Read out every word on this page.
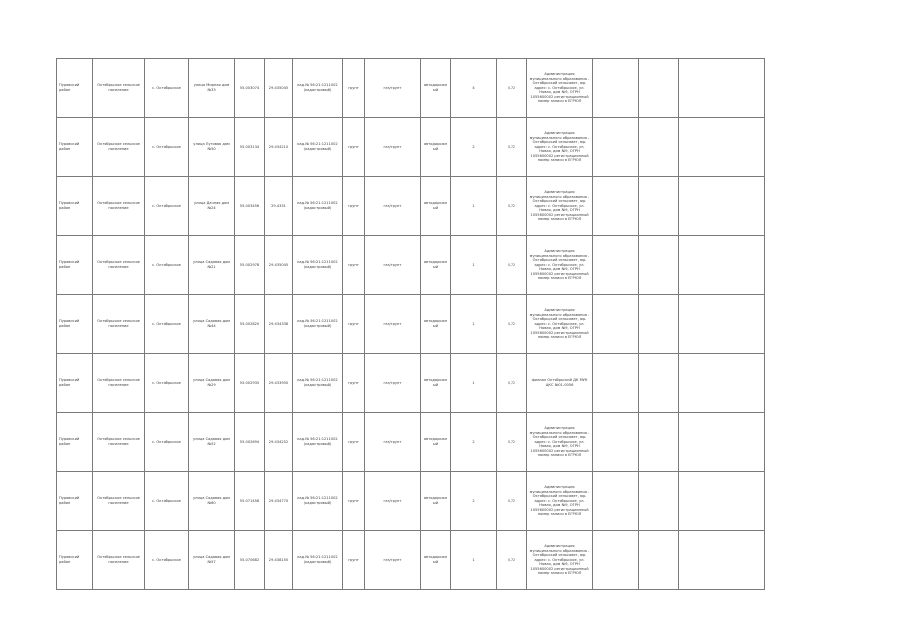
Пуровский район	Октябрьское сельское поселение	с. Октябрьское	улица Мирная дом №33	55.003074	29.435045	кад.№ 56:21:1211002 (кадастровый)	грунт	газ/грунт	автодорожный	4	0,72	Администрация муниципального образования - Октябрьский сельсовет, юр. адрес: с. Октябрьское, ул. Новая, дом №9, ОГРН 1055600002 регистрационный номер записи в ЕГРЮЛ			
Пуровский район	Октябрьское сельское поселение	с. Октябрьское	улица Луговая дом №50	55.003134	29.434210	кад.№ 56:21:1211002 (кадастровый)	грунт	газ/грунт	автодорожный	2	0,72	Администрация муниципального образования - Октябрьский сельсовет, юр. адрес: с. Октябрьское, ул. Новая, дом №9, ОГРН 1055600002 регистрационный номер записи в ЕГРЮЛ			
Пуровский район	Октябрьское сельское поселение	с. Октябрьское	улица Дачная дом №24	55.003456	29.4331	кад.№ 56:21:1211002 (кадастровый)	грунт	газ/грунт	автодорожный	1	0,72	Администрация муниципального образования - Октябрьский сельсовет, юр. адрес: с. Октябрьское, ул. Новая, дом №9, ОГРН 1055600002 регистрационный номер записи в ЕГРЮЛ			
Пуровский район	Октябрьское сельское поселение	с. Октябрьское	улица Садовая дом №21	55.002978	29.435045	кад.№ 56:21:1211002 (кадастровый)	грунт	газ/грунт	автодорожный	1	0,72	Администрация муниципального образования - Октябрьский сельсовет, юр. адрес: с. Октябрьское, ул. Новая, дом №9, ОГРН 1055600002 регистрационный номер записи в ЕГРЮЛ			
Пуровский район	Октябрьское сельское поселение	с. Октябрьское	улица Садовая дом №44	55.002820	29.434338	кад.№ 56:21:1211002 (кадастровый)	грунт	газ/грунт	автодорожный	1	0,72	Администрация муниципального образования - Октябрьский сельсовет, юр. адрес: с. Октябрьское, ул. Новая, дом №9, ОГРН 1055600002 регистрационный номер записи в ЕГРЮЛ			
Пуровский район	Октябрьское сельское поселение	с. Октябрьское	улица Садовая дом №29	55.002935	29.433950	кад.№ 56:21:1211002 (кадастровый)	грунт	газ/грунт	автодорожный	1	0,72	филиал Октябрьский ДК МУК ЦКС №01-0056			
Пуровский район	Октябрьское сельское поселение	с. Октябрьское	улица Садовая дом №52	55.002694	29.434252	кад.№ 56:21:1211002 (кадастровый)	грунт	газ/грунт	автодорожный	2	0,72	Администрация муниципального образования - Октябрьский сельсовет, юр. адрес: с. Октябрьское, ул. Новая, дом №9, ОГРН 1055600002 регистрационный номер записи в ЕГРЮЛ			
Пуровский район	Октябрьское сельское поселение	с. Октябрьское	улица Садовая дом №60	55.071458	29.434770	кад.№ 56:21:1211002 (кадастровый)	грунт	газ/грунт	автодорожный	2	0,72	Администрация муниципального образования - Октябрьский сельсовет, юр. адрес: с. Октябрьское, ул. Новая, дом №9, ОГРН 1055600002 регистрационный номер записи в ЕГРЮЛ			
Пуровский район	Октябрьское сельское поселение	с. Октябрьское	улица Садовая дом №57	55.070682	29.438150	кад.№ 56:21:1211002 (кадастровый)	грунт	газ/грунт	автодорожный	1	0,72	Администрация муниципального образования - Октябрьский сельсовет, юр. адрес: с. Октябрьское, ул. Новая, дом №9, ОГРН 1055600002 регистрационный номер записи в ЕГРЮЛ			
